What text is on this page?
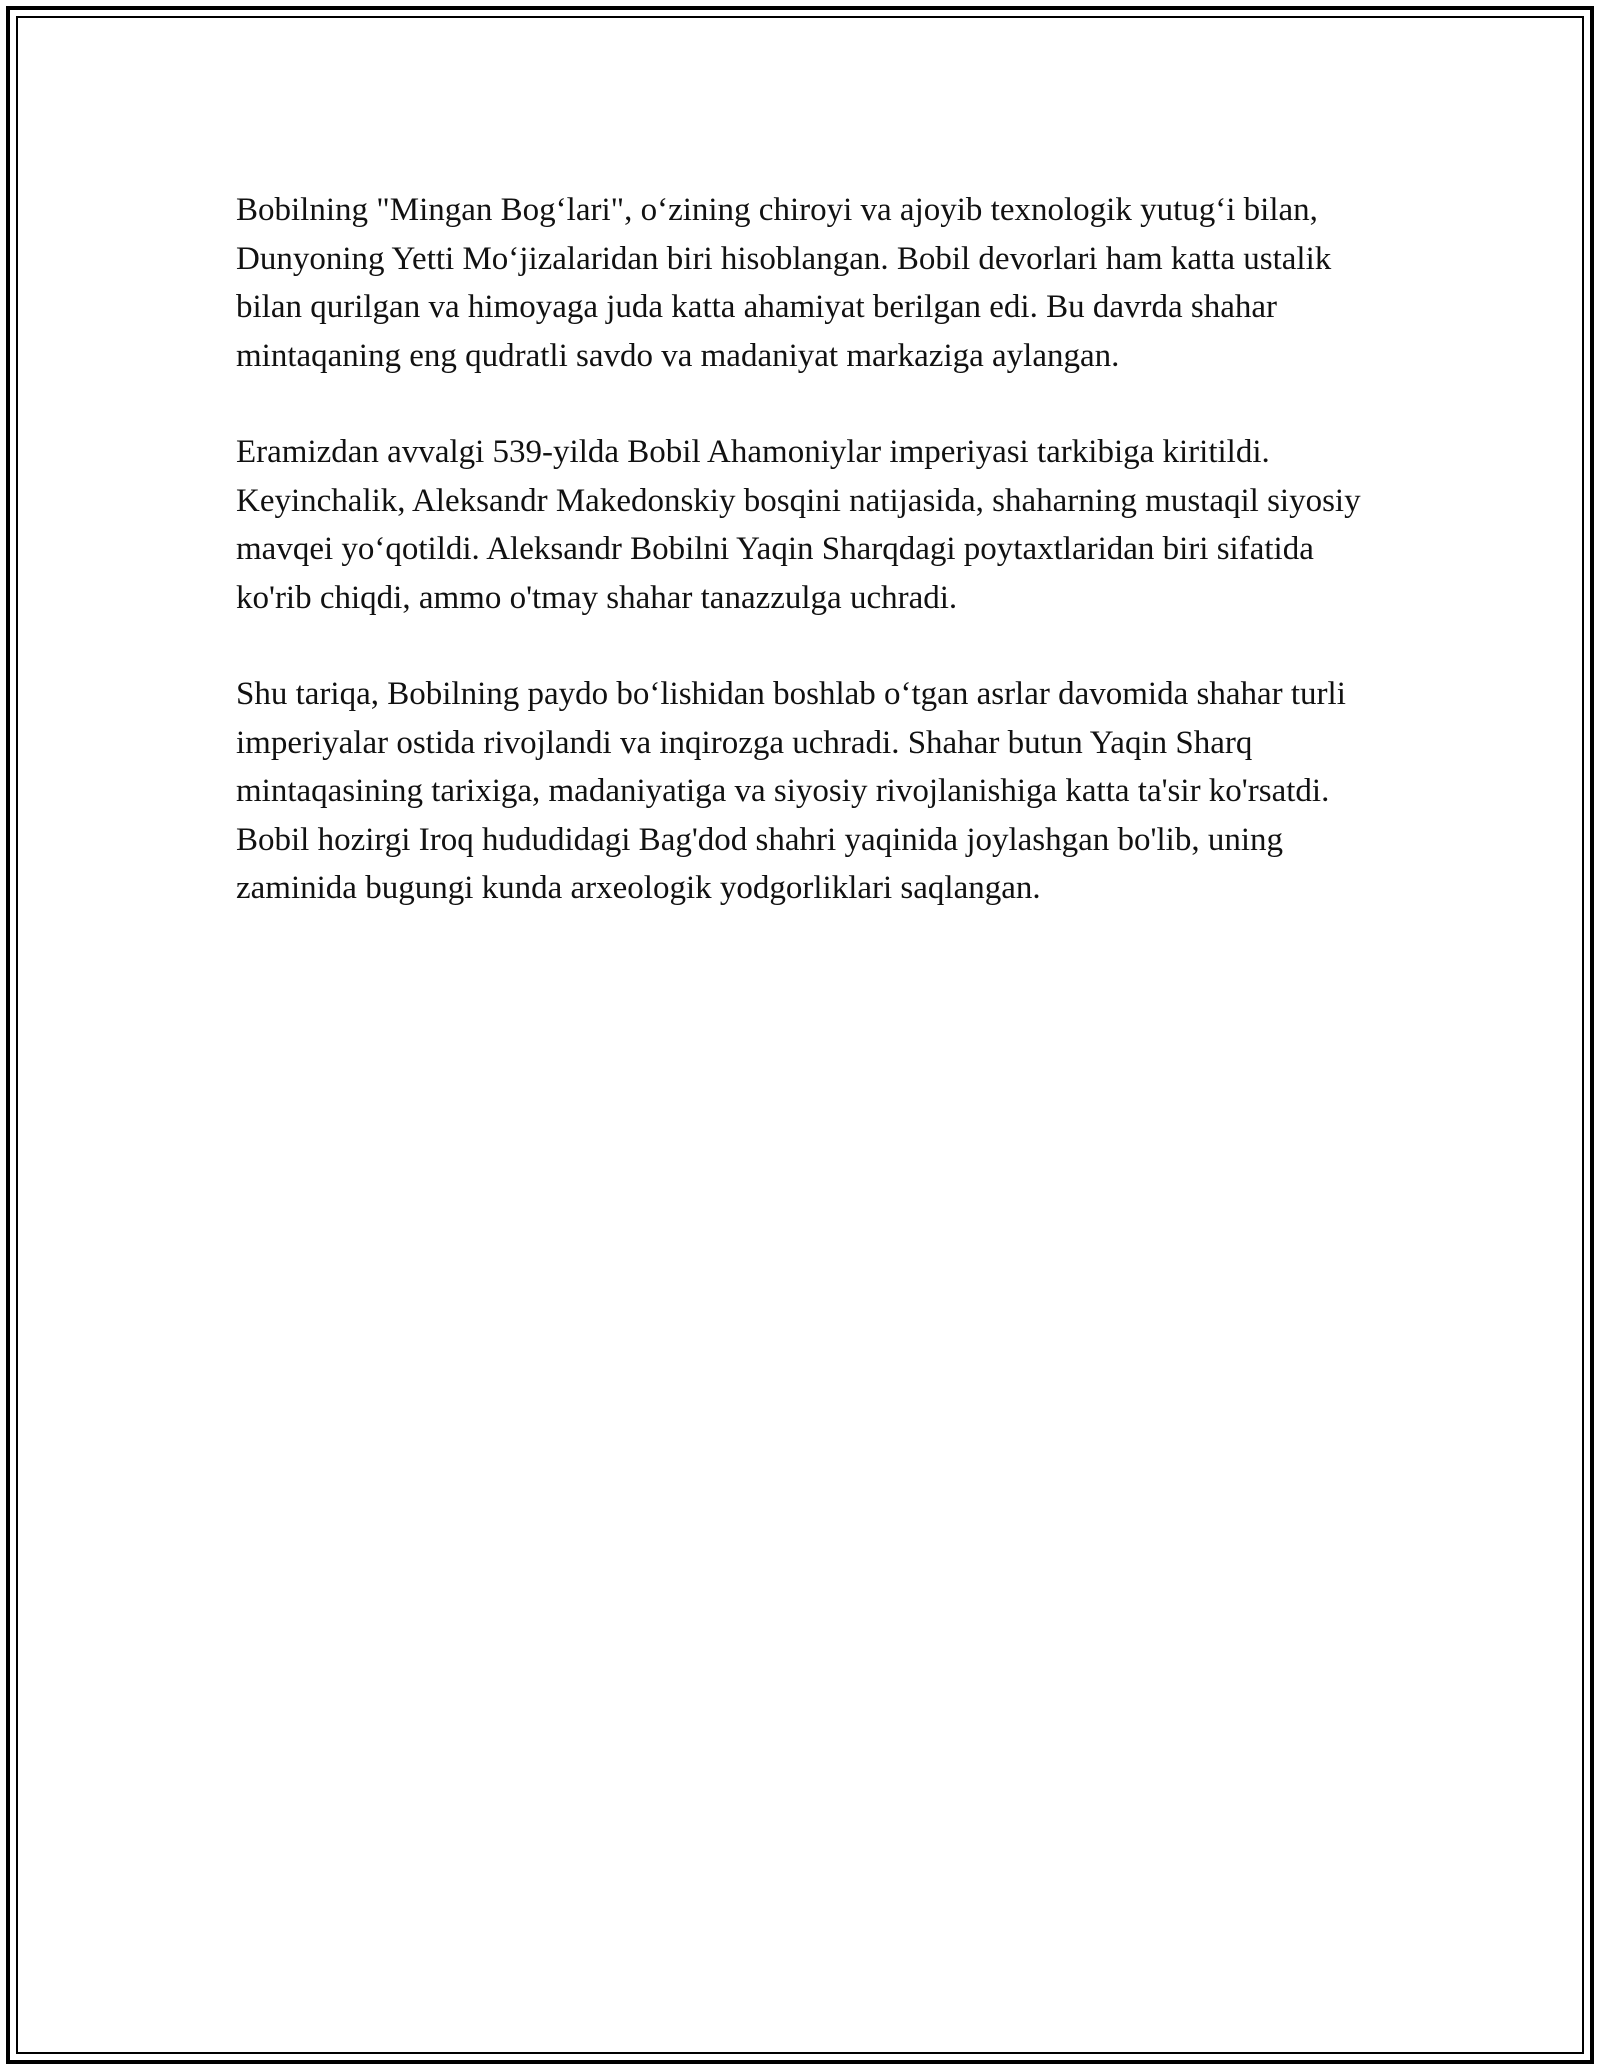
Bobilning "Mingan Bog‘lari", o‘zining chiroyi va ajoyib texnologik yutug‘i bilan, Dunyoning Yetti Mo‘jizalaridan biri hisoblangan. Bobil devorlari ham katta ustalik bilan qurilgan va himoyaga juda katta ahamiyat berilgan edi. Bu davrda shahar mintaqaning eng qudratli savdo va madaniyat markaziga aylangan.

Eramizdan avvalgi 539-yilda Bobil Ahamoniylar imperiyasi tarkibiga kiritildi. Keyinchalik, Aleksandr Makedonskiy bosqini natijasida, shaharning mustaqil siyosiy mavqei yo‘qotildi. Aleksandr Bobilni Yaqin Sharqdagi poytaxtlaridan biri sifatida ko'rib chiqdi, ammo o'tmay shahar tanazzulga uchradi.

Shu tariqa, Bobilning paydo bo‘lishidan boshlab o‘tgan asrlar davomida shahar turli imperiyalar ostida rivojlandi va inqirozga uchradi. Shahar butun Yaqin Sharq mintaqasining tarixiga, madaniyatiga va siyosiy rivojlanishiga katta ta'sir ko'rsatdi. Bobil hozirgi Iroq hududidagi Bag'dod shahri yaqinida joylashgan bo'lib, uning zaminida bugungi kunda arxeologik yodgorliklari saqlangan.
